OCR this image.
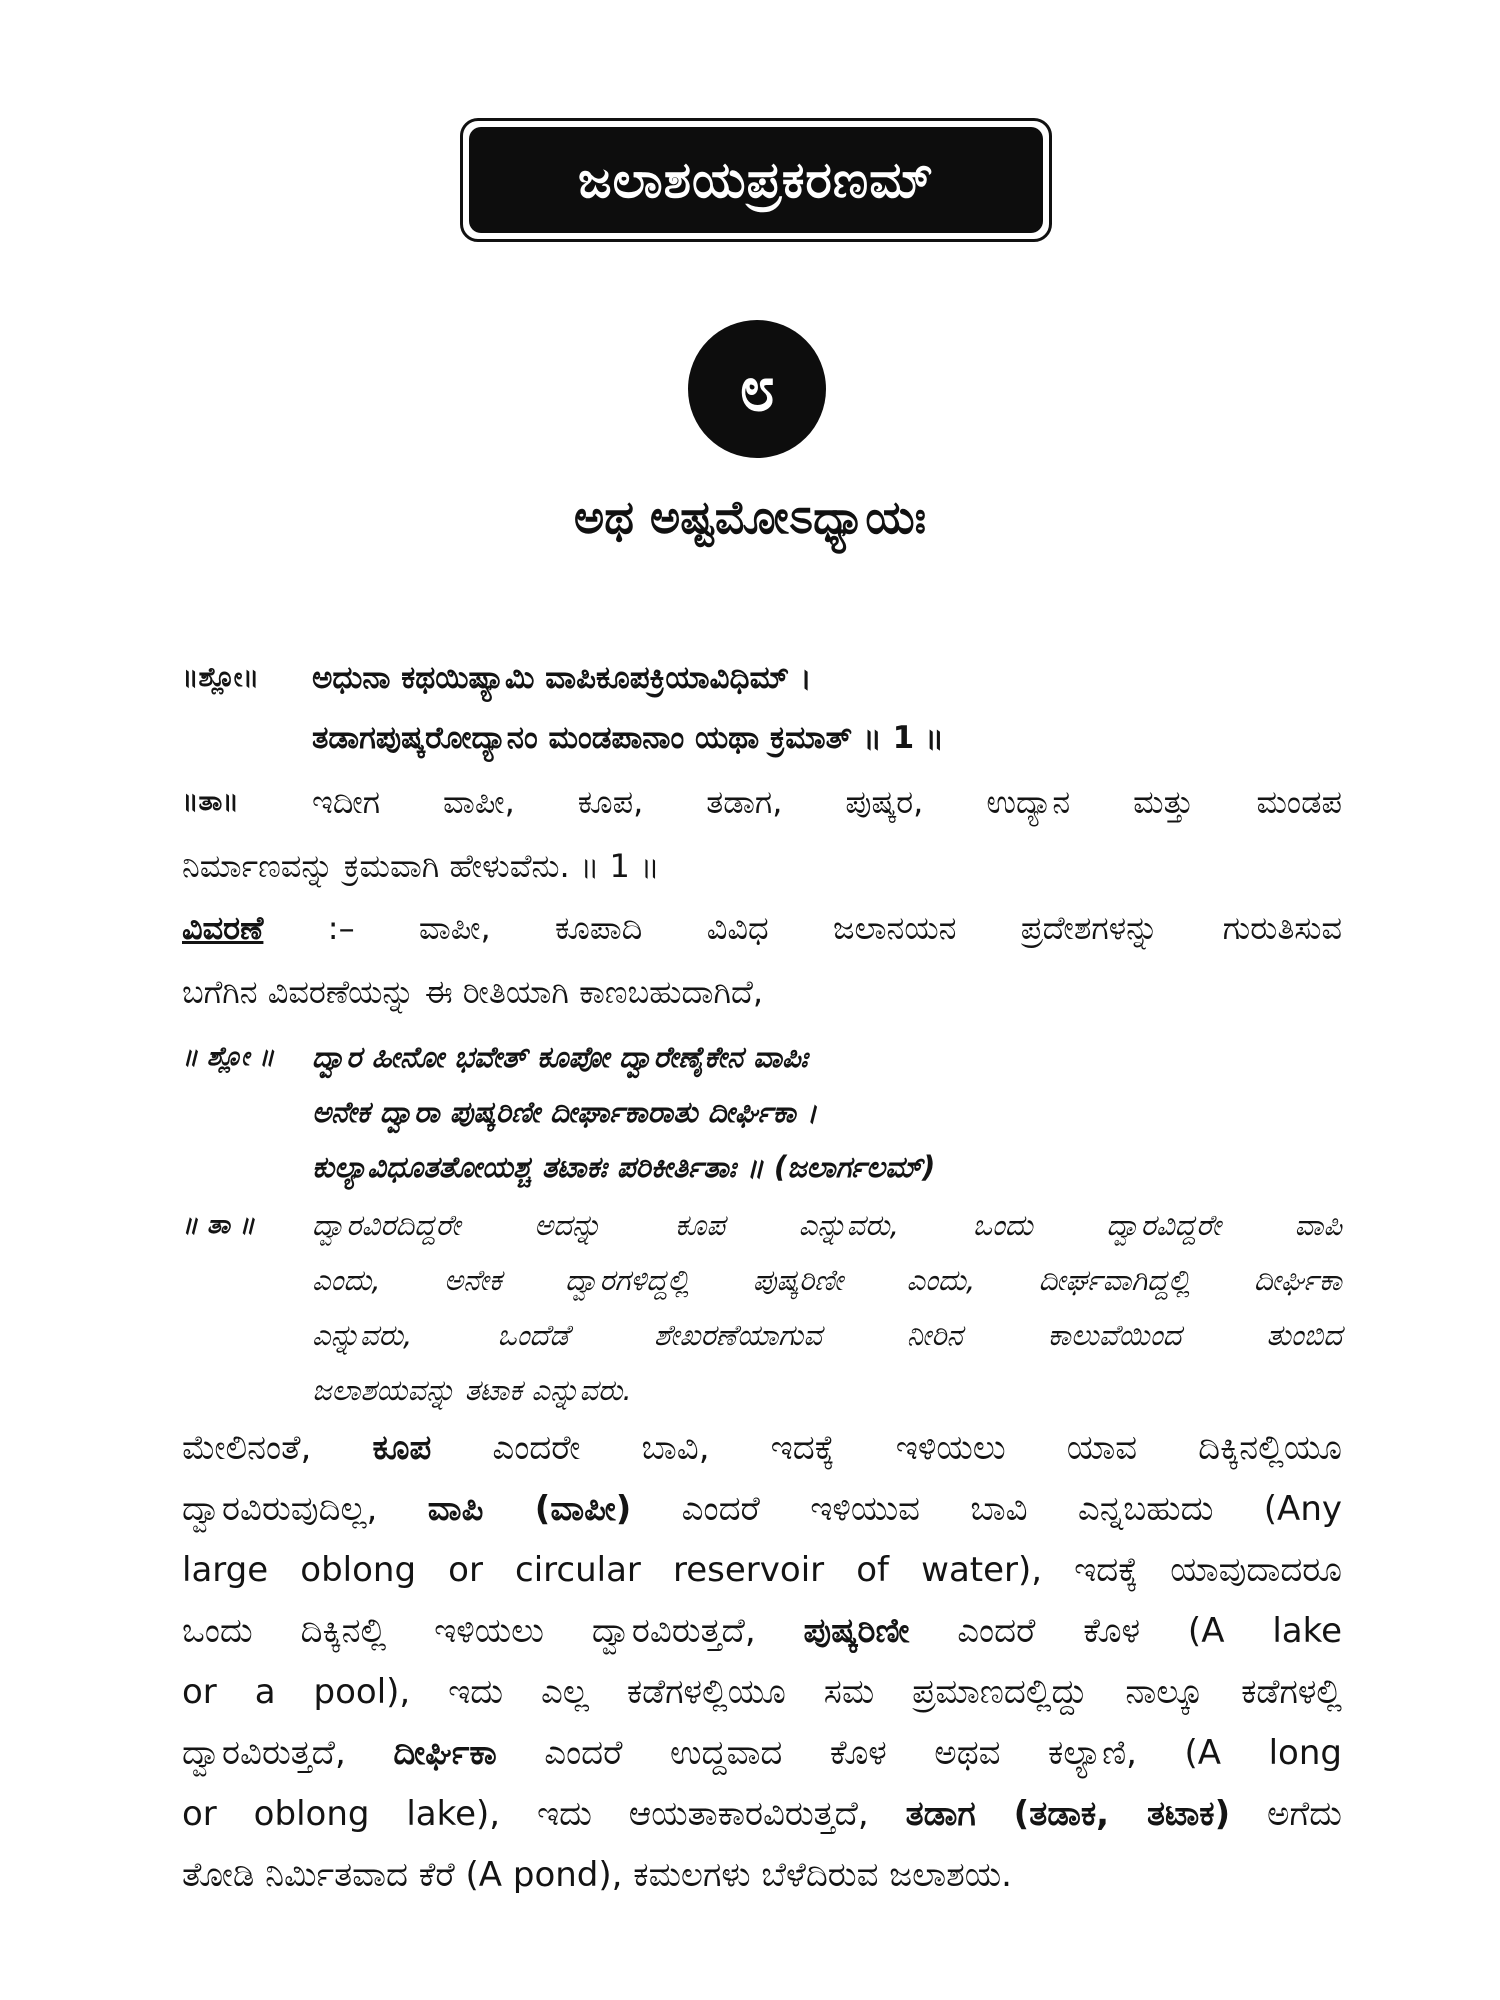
ಜಲಾಶಯಪ್ರಕರಣಮ್
೮
ಅಥ ಅಷ್ಟಮೋಽಧ್ಯಾಯಃ
॥ಶ್ಲೋ॥	ಅಧುನಾ ಕಥಯಿಷ್ಯಾಮಿ ವಾಪಿಕೂಪಕ್ರಿಯಾವಿಧಿಮ್ ।
ತಡಾಗಪುಷ್ಕರೋದ್ಯಾನಂ ಮಂಡಪಾನಾಂ ಯಥಾ ಕ್ರಮಾತ್ ॥ 1 ॥
॥ತಾ॥	ಇದೀಗ ವಾಪೀ, ಕೂಪ, ತಡಾಗ, ಪುಷ್ಕರ, ಉದ್ಯಾನ ಮತ್ತು ಮಂಡಪ
ನಿರ್ಮಾಣವನ್ನು ಕ್ರಮವಾಗಿ ಹೇಳುವೆನು. ॥ 1 ॥
ವಿವರಣೆ :– ವಾಪೀ, ಕೂಪಾದಿ ವಿವಿಧ ಜಲಾನಯನ ಪ್ರದೇಶಗಳನ್ನು ಗುರುತಿಸುವ
ಬಗೆಗಿನ ವಿವರಣೆಯನ್ನು ಈ ರೀತಿಯಾಗಿ ಕಾಣಬಹುದಾಗಿದೆ,
॥ ಶ್ಲೋ ॥	ದ್ವಾರ ಹೀನೋ ಭವೇತ್ ಕೂಪೋ ದ್ವಾರೇಣೈಕೇನ ವಾಪಿಃ
ಅನೇಕ ದ್ವಾರಾ ಪುಷ್ಕರಿಣೀ ದೀರ್ಘಾಕಾರಾತು ದೀರ್ಘಿಕಾ ।
ಕುಲ್ಯಾವಿಧೂತತೋಯಶ್ಚ ತಟಾಕಃ ಪರಿಕೀರ್ತಿತಾಃ ॥ (ಜಲಾರ್ಗಲಮ್)
॥ ತಾ ॥	ದ್ವಾರವಿರದಿದ್ದರೇ ಅದನ್ನು ಕೂಪ ಎನ್ನುವರು, ಒಂದು ದ್ವಾರವಿದ್ದರೇ ವಾಪಿ
ಎಂದು, ಅನೇಕ ದ್ವಾರಗಳಿದ್ದಲ್ಲಿ ಪುಷ್ಕರಿಣೀ ಎಂದು, ದೀರ್ಘವಾಗಿದ್ದಲ್ಲಿ ದೀರ್ಘಿಕಾ
ಎನ್ನುವರು, ಒಂದೆಡೆ ಶೇಖರಣೆಯಾಗುವ ನೀರಿನ ಕಾಲುವೆಯಿಂದ ತುಂಬಿದ
ಜಲಾಶಯವನ್ನು ತಟಾಕ ಎನ್ನುವರು.
ಮೇಲಿನಂತೆ, ಕೂಪ ಎಂದರೇ ಬಾವಿ, ಇದಕ್ಕೆ ಇಳಿಯಲು ಯಾವ ದಿಕ್ಕಿನಲ್ಲಿಯೂ
ದ್ವಾರವಿರುವುದಿಲ್ಲ, ವಾಪಿ (ವಾಪೀ) ಎಂದರೆ ಇಳಿಯುವ ಬಾವಿ ಎನ್ನಬಹುದು (Any
large oblong or circular reservoir of water), ಇದಕ್ಕೆ ಯಾವುದಾದರೂ
ಒಂದು ದಿಕ್ಕಿನಲ್ಲಿ ಇಳಿಯಲು ದ್ವಾರವಿರುತ್ತದೆ, ಪುಷ್ಕರಿಣೀ ಎಂದರೆ ಕೊಳ (A lake
or a pool), ಇದು ಎಲ್ಲ ಕಡೆಗಳಲ್ಲಿಯೂ ಸಮ ಪ್ರಮಾಣದಲ್ಲಿದ್ದು ನಾಲ್ಕೂ ಕಡೆಗಳಲ್ಲಿ
ದ್ವಾರವಿರುತ್ತದೆ, ದೀರ್ಘಿಕಾ ಎಂದರೆ ಉದ್ದವಾದ ಕೊಳ ಅಥವ ಕಲ್ಯಾಣಿ, (A long
or oblong lake), ಇದು ಆಯತಾಕಾರವಿರುತ್ತದೆ, ತಡಾಗ (ತಡಾಕ, ತಟಾಕ) ಅಗೆದು
ತೋಡಿ ನಿರ್ಮಿತವಾದ ಕೆರೆ (A pond), ಕಮಲಗಳು ಬೆಳೆದಿರುವ ಜಲಾಶಯ.
